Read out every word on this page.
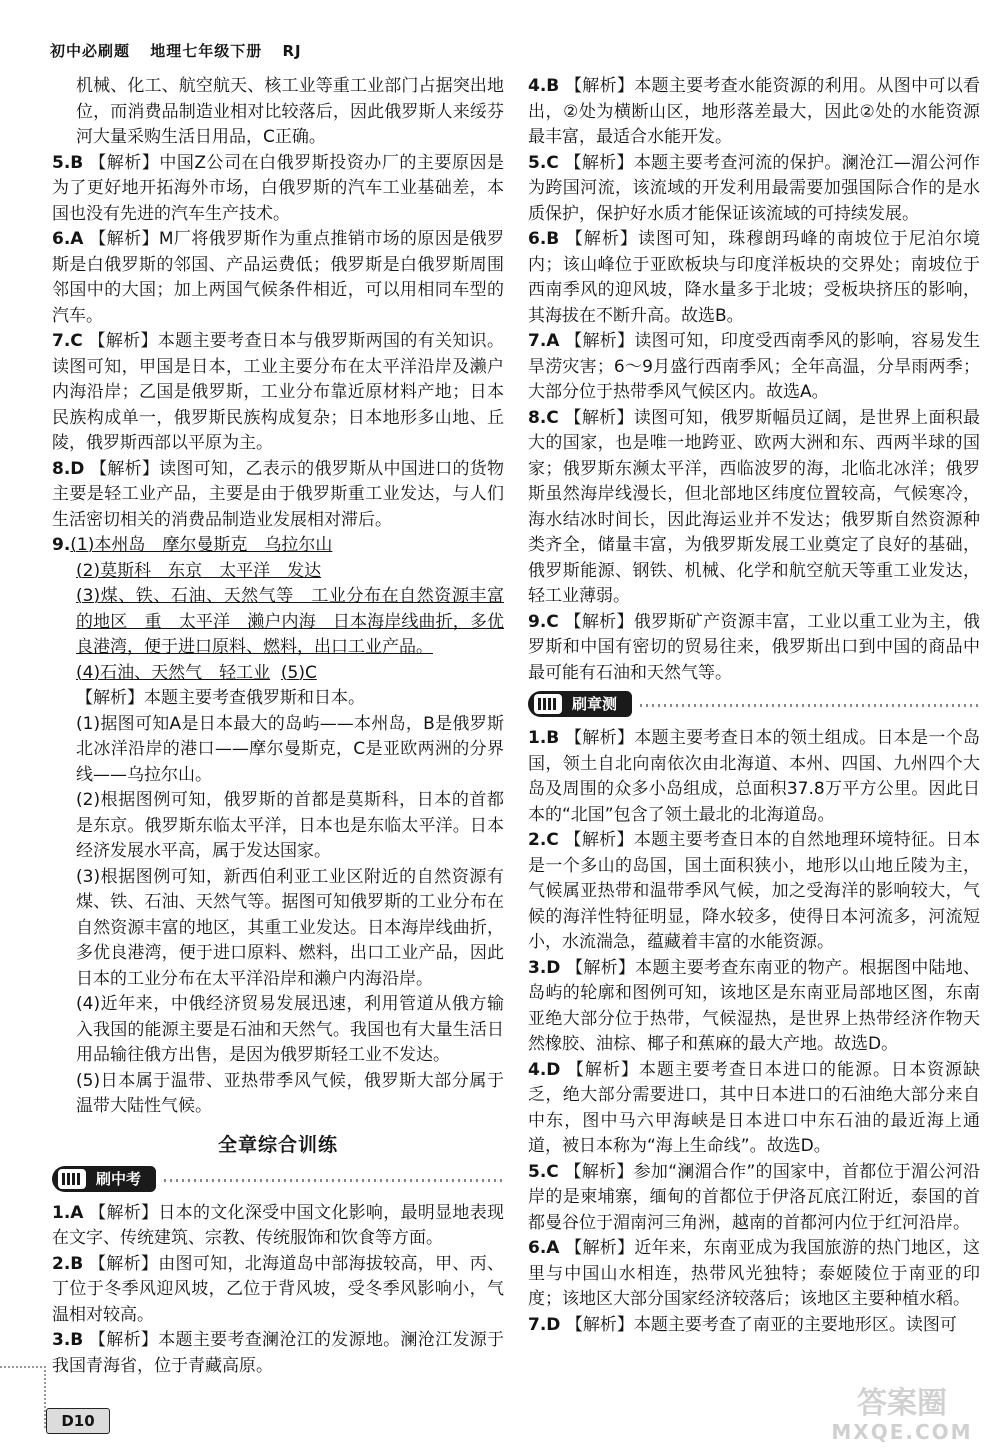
初中必刷题 地理七年级下册 RJ

机械、化工、航空航天、核工业等重工业部门占据突出地位，而消费品制造业相对比较落后，因此俄罗斯人来绥芬河大量采购生活日用品，C正确。

5.B 【解析】中国Z公司在白俄罗斯投资办厂的主要原因是为了更好地开拓海外市场，白俄罗斯的汽车工业基础差，本国也没有先进的汽车生产技术。

6.A 【解析】M厂将俄罗斯作为重点推销市场的原因是俄罗斯是白俄罗斯的邻国、产品运费低；俄罗斯是白俄罗斯周围邻国中的大国；加上两国气候条件相近，可以用相同车型的汽车。

7.C 【解析】本题主要考查日本与俄罗斯两国的有关知识。读图可知，甲国是日本，工业主要分布在太平洋沿岸及濑户内海沿岸；乙国是俄罗斯，工业分布靠近原材料产地；日本民族构成单一，俄罗斯民族构成复杂；日本地形多山地、丘陵，俄罗斯西部以平原为主。

8.D 【解析】读图可知，乙表示的俄罗斯从中国进口的货物主要是轻工业产品，主要是由于俄罗斯重工业发达，与人们生活密切相关的消费品制造业发展相对滞后。

9.(1)本州岛　摩尔曼斯克　乌拉尔山

(2)莫斯科　东京　太平洋　发达

(3)煤、铁、石油、天然气等　工业分布在自然资源丰富的地区　重　太平洋　濑户内海　日本海岸线曲折，多优良港湾，便于进口原料、燃料，出口工业产品。

(4)石油、天然气　轻工业 (5)C

【解析】本题主要考查俄罗斯和日本。

(1)据图可知A是日本最大的岛屿——本州岛，B是俄罗斯北冰洋沿岸的港口——摩尔曼斯克，C是亚欧两洲的分界线——乌拉尔山。

(2)根据图例可知，俄罗斯的首都是莫斯科，日本的首都是东京。俄罗斯东临太平洋，日本也是东临太平洋。日本经济发展水平高，属于发达国家。

(3)根据图例可知，新西伯利亚工业区附近的自然资源有煤、铁、石油、天然气等。据图可知俄罗斯的工业分布在自然资源丰富的地区，其重工业发达。日本海岸线曲折，多优良港湾，便于进口原料、燃料，出口工业产品，因此日本的工业分布在太平洋沿岸和濑户内海沿岸。

(4)近年来，中俄经济贸易发展迅速，利用管道从俄方输入我国的能源主要是石油和天然气。我国也有大量生活日用品输往俄方出售，是因为俄罗斯轻工业不发达。

(5)日本属于温带、亚热带季风气候，俄罗斯大部分属于温带大陆性气候。

全章综合训练
刷中考

1.A 【解析】日本的文化深受中国文化影响，最明显地表现在文字、传统建筑、宗教、传统服饰和饮食等方面。

2.B 【解析】由图可知，北海道岛中部海拔较高，甲、丙、丁位于冬季风迎风坡，乙位于背风坡，受冬季风影响小，气温相对较高。

3.B 【解析】本题主要考查澜沧江的发源地。澜沧江发源于我国青海省，位于青藏高原。

4.B 【解析】本题主要考查水能资源的利用。从图中可以看出，②处为横断山区，地形落差最大，因此②处的水能资源最丰富，最适合水能开发。

5.C 【解析】本题主要考查河流的保护。澜沧江—湄公河作为跨国河流，该流域的开发利用最需要加强国际合作的是水质保护，保护好水质才能保证该流域的可持续发展。

6.B 【解析】读图可知，珠穆朗玛峰的南坡位于尼泊尔境内；该山峰位于亚欧板块与印度洋板块的交界处；南坡位于西南季风的迎风坡，降水量多于北坡；受板块挤压的影响，其海拔在不断升高。故选B。

7.A 【解析】读图可知，印度受西南季风的影响，容易发生旱涝灾害；6～9月盛行西南季风；全年高温，分旱雨两季；大部分位于热带季风气候区内。故选A。

8.C 【解析】读图可知，俄罗斯幅员辽阔，是世界上面积最大的国家，也是唯一地跨亚、欧两大洲和东、西两半球的国家；俄罗斯东濒太平洋，西临波罗的海，北临北冰洋；俄罗斯虽然海岸线漫长，但北部地区纬度位置较高，气候寒冷，海水结冰时间长，因此海运业并不发达；俄罗斯自然资源种类齐全，储量丰富，为俄罗斯发展工业奠定了良好的基础，俄罗斯能源、钢铁、机械、化学和航空航天等重工业发达，轻工业薄弱。

9.C 【解析】俄罗斯矿产资源丰富，工业以重工业为主，俄罗斯和中国有密切的贸易往来，俄罗斯出口到中国的商品中最可能有石油和天然气等。

刷章测

1.B 【解析】本题主要考查日本的领土组成。日本是一个岛国，领土自北向南依次由北海道、本州、四国、九州四个大岛及周围的众多小岛组成，总面积37.8万平方公里。因此日本的“北国”包含了领土最北的北海道岛。

2.C 【解析】本题主要考查日本的自然地理环境特征。日本是一个多山的岛国，国土面积狭小，地形以山地丘陵为主，气候属亚热带和温带季风气候，加之受海洋的影响较大，气候的海洋性特征明显，降水较多，使得日本河流多，河流短小，水流湍急，蕴藏着丰富的水能资源。

3.D 【解析】本题主要考查东南亚的物产。根据图中陆地、岛屿的轮廓和图例可知，该地区是东南亚局部地区图，东南亚绝大部分位于热带，气候湿热，是世界上热带经济作物天然橡胶、油棕、椰子和蕉麻的最大产地。故选D。

4.D 【解析】本题主要考查日本进口的能源。日本资源缺乏，绝大部分需要进口，其中日本进口的石油绝大部分来自中东，图中马六甲海峡是日本进口中东石油的最近海上通道，被日本称为“海上生命线”。故选D。

5.C 【解析】参加“澜湄合作”的国家中，首都位于湄公河沿岸的是柬埔寨，缅甸的首都位于伊洛瓦底江附近，泰国的首都曼谷位于湄南河三角洲，越南的首都河内位于红河沿岸。

6.A 【解析】近年来，东南亚成为我国旅游的热门地区，这里与中国山水相连，热带风光独特；泰姬陵位于南亚的印度；该地区大部分国家经济较落后；该地区主要种植水稻。

7.D 【解析】本题主要考查了南亚的主要地形区。读图可

D10	答案圈
MXQE.COM
